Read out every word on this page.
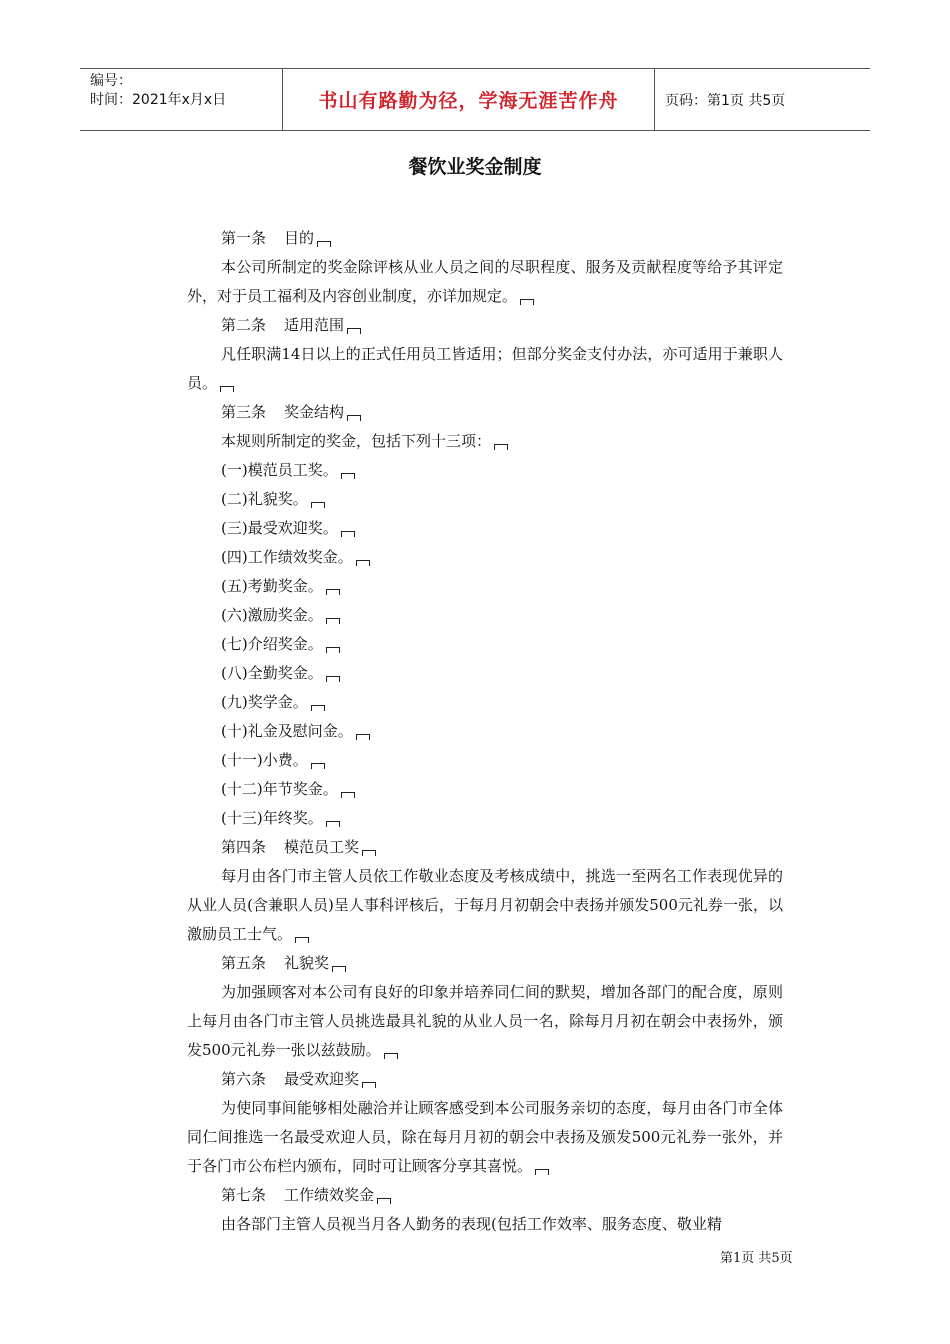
编号：
时间：2021年x月x日	书山有路勤为径，学海无涯苦作舟	页码：第1页 共5页
餐饮业奖金制度

第一条 目的

本公司所制定的奖金除评核从业人员之间的尽职程度、服务及贡献程度等给予其评定外，对于员工福利及内容创业制度，亦详加规定。

第二条 适用范围

凡任职满14日以上的正式任用员工皆适用；但部分奖金支付办法，亦可适用于兼职人员。

第三条 奖金结构

本规则所制定的奖金，包括下列十三项：

(一)模范员工奖。

(二)礼貌奖。

(三)最受欢迎奖。

(四)工作绩效奖金。

(五)考勤奖金。

(六)激励奖金。

(七)介绍奖金。

(八)全勤奖金。

(九)奖学金。

(十)礼金及慰问金。

(十一)小费。

(十二)年节奖金。

(十三)年终奖。

第四条 模范员工奖

每月由各门市主管人员依工作敬业态度及考核成绩中，挑选一至两名工作表现优异的从业人员(含兼职人员)呈人事科评核后，于每月月初朝会中表扬并颁发500元礼券一张，以激励员工士气。

第五条 礼貌奖

为加强顾客对本公司有良好的印象并培养同仁间的默契，增加各部门的配合度，原则上每月由各门市主管人员挑选最具礼貌的从业人员一名，除每月月初在朝会中表扬外，颁发500元礼券一张以兹鼓励。

第六条 最受欢迎奖

为使同事间能够相处融洽并让顾客感受到本公司服务亲切的态度，每月由各门市全体同仁间推选一名最受欢迎人员，除在每月月初的朝会中表扬及颁发500元礼券一张外，并于各门市公布栏内颁布，同时可让顾客分享其喜悦。

第七条 工作绩效奖金

由各部门主管人员视当月各人勤务的表现(包括工作效率、服务态度、敬业精

第1页 共5页
